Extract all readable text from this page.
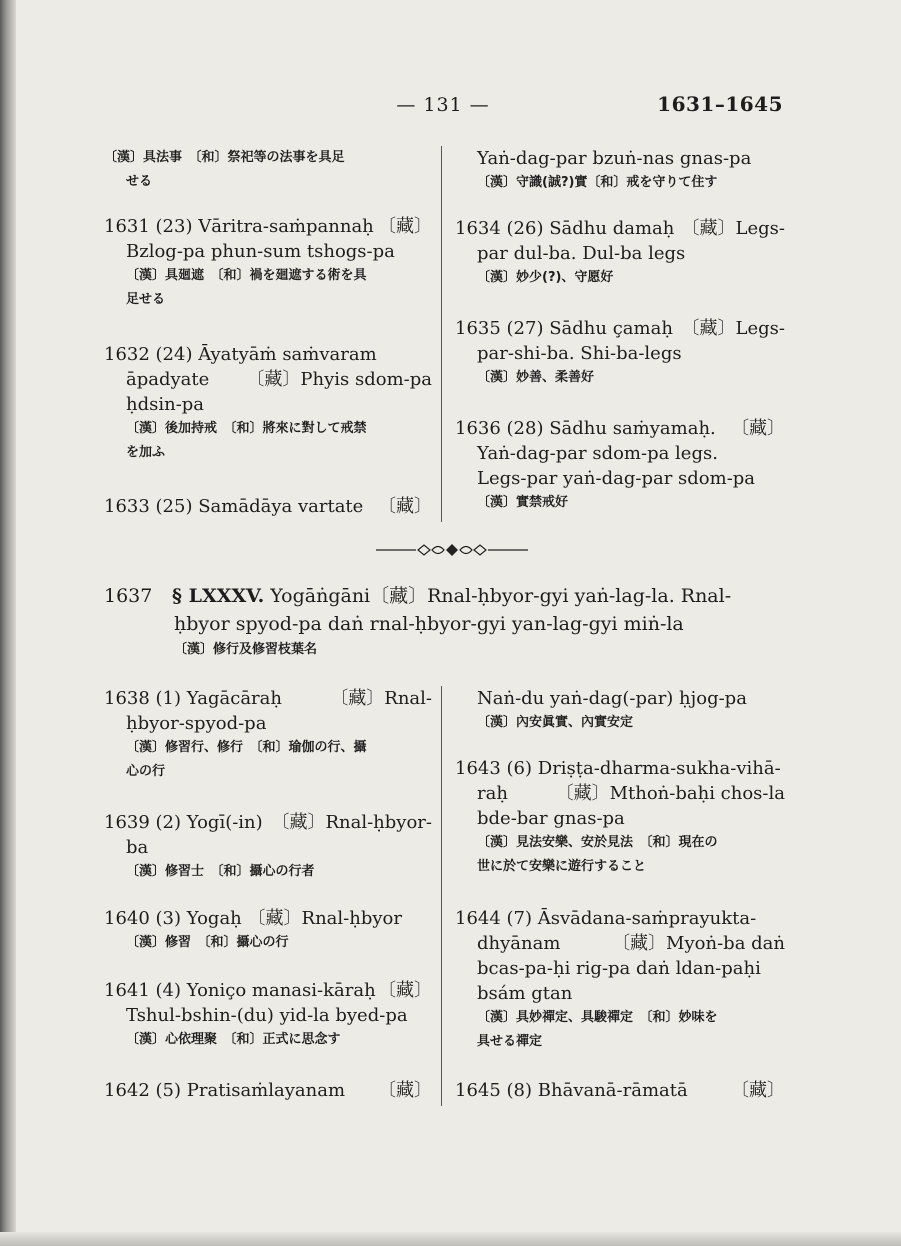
— 131 —	1631–1645
〔漢〕具法事　〔和〕祭祀等の法事を具足
せる
1631 (23) Vāritra-saṁpannaḥ 〔藏〕
Bzlog-pa phun-sum tshogs-pa
〔漢〕具廻遮　〔和〕禍を廻遮する術を具
足せる
1632 (24) Āyatyāṁ saṁvaram
āpadyate 〔藏〕Phyis sdom-pa
ḥdsin-pa
〔漢〕後加持戒　〔和〕將來に對して戒禁
を加ふ
1633 (25) Samādāya vartate 〔藏〕
Yaṅ-dag-par bzuṅ-nas gnas-pa
〔漢〕守識(誠?)實〔和〕戒を守りて住す
1634 (26) Sādhu damaḥ 〔藏〕Legs-
par dul-ba. Dul-ba legs
〔漢〕妙少(?)、守愿好
1635 (27) Sādhu çamaḥ 〔藏〕Legs-
par-shi-ba. Shi-ba-legs
〔漢〕妙善、柔善好
1636 (28) Sādhu saṁyamaḥ. 〔藏〕
Yaṅ-dag-par sdom-pa legs.
Legs-par yaṅ-dag-par sdom-pa
〔漢〕實禁戒好
1637 § LXXXV. Yogāṅgāni〔藏〕Rnal-ḥbyor-gyi yaṅ-lag-la. Rnal-
ḥbyor spyod-pa daṅ rnal-ḥbyor-gyi yan-lag-gyi miṅ-la
〔漢〕修行及修習枝葉名
1638 (1) Yagācāraḥ	〔藏〕Rnal-
ḥbyor-spyod-pa
〔漢〕修習行、修行　〔和〕瑜伽の行、攝
心の行
1639 (2) Yogī(-in) 〔藏〕Rnal-ḥbyor-
ba
〔漢〕修習士　〔和〕攝心の行者
1640 (3) Yogaḥ 〔藏〕Rnal-ḥbyor
〔漢〕修習　〔和〕攝心の行
1641 (4) Yoniço manasi-kāraḥ 〔藏〕
Tshul-bshin-(du) yid-la byed-pa
〔漢〕心依理聚　〔和〕正式に思念す
1642 (5) Pratisaṁlayanam 〔藏〕
Naṅ-du yaṅ-dag(-par) ḥjog-pa
〔漢〕內安眞實、內實安定
1643 (6) Driṣṭa-dharma-sukha-vihā-
raḥ	〔藏〕Mthoṅ-baḥi chos-la
bde-bar gnas-pa
〔漢〕見法安樂、安於見法　〔和〕現在の
世に於て安樂に遊行すること
1644 (7) Āsvādana-saṁprayukta-
dhyānam	〔藏〕Myoṅ-ba daṅ
bcas-pa-ḥi rig-pa daṅ ldan-paḥi
bsám gtan
〔漢〕具妙禪定、具駿禪定　〔和〕妙味を
具せる禪定
1645 (8) Bhāvanā-rāmatā 〔藏〕
